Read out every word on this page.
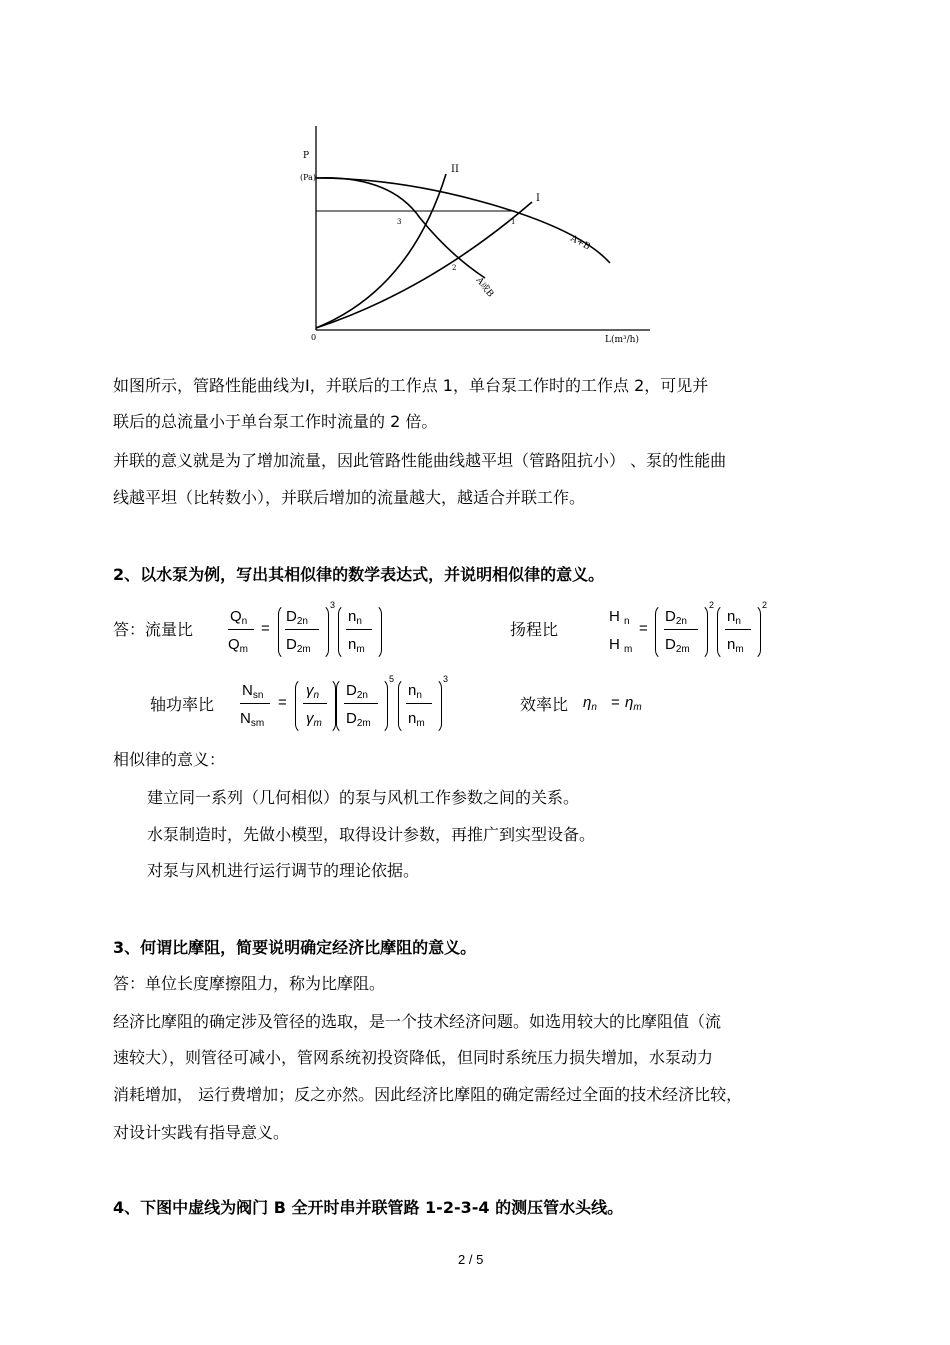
P
(Pa)
L(m³/h)
0
II
I
A+B
A或B
1
2
3
如图所示，管路性能曲线为Ⅰ，并联后的工作点 1，单台泵工作时的工作点 2，可见并
联后的总流量小于单台泵工作时流量的 2 倍。
并联的意义就是为了增加流量，因此管路性能曲线越平坦（管路阻抗小） 、泵的性能曲
线越平坦（比转数小），并联后增加的流量越大，越适合并联工作。
2、以水泵为例，写出其相似律的数学表达式，并说明相似律的意义。
答：流量比
$Q_n$
$Q_m$
=
$D_{2n}$
$D_{2m}$
3
$n_n$
$n_m$
扬程比
H $_n$
H $_m$
=
$D_{2n}$
$D_{2m}$
2
$n_n$
$n_m$
2
轴功率比
$N_{sn}$
$N_{sm}$
=
$\gamma_n$
$\gamma_m$
$D_{2n}$
$D_{2m}$
5
$n_n$
$n_m$
3
效率比 $\eta_n = \eta_m$
相似律的意义：
建立同一系列（几何相似）的泵与风机工作参数之间的关系。
水泵制造时，先做小模型，取得设计参数，再推广到实型设备。
对泵与风机进行运行调节的理论依据。
3、何谓比摩阻，简要说明确定经济比摩阻的意义。
答：单位长度摩擦阻力，称为比摩阻。
经济比摩阻的确定涉及管径的选取，是一个技术经济问题。如选用较大的比摩阻值（流
速较大），则管径可减小，管网系统初投资降低，但同时系统压力损失增加，水泵动力
消耗增加， 运行费增加；反之亦然。因此经济比摩阻的确定需经过全面的技术经济比较，
对设计实践有指导意义。
4、下图中虚线为阀门 B 全开时串并联管路 1-2-3-4 的测压管水头线。
2 / 5
